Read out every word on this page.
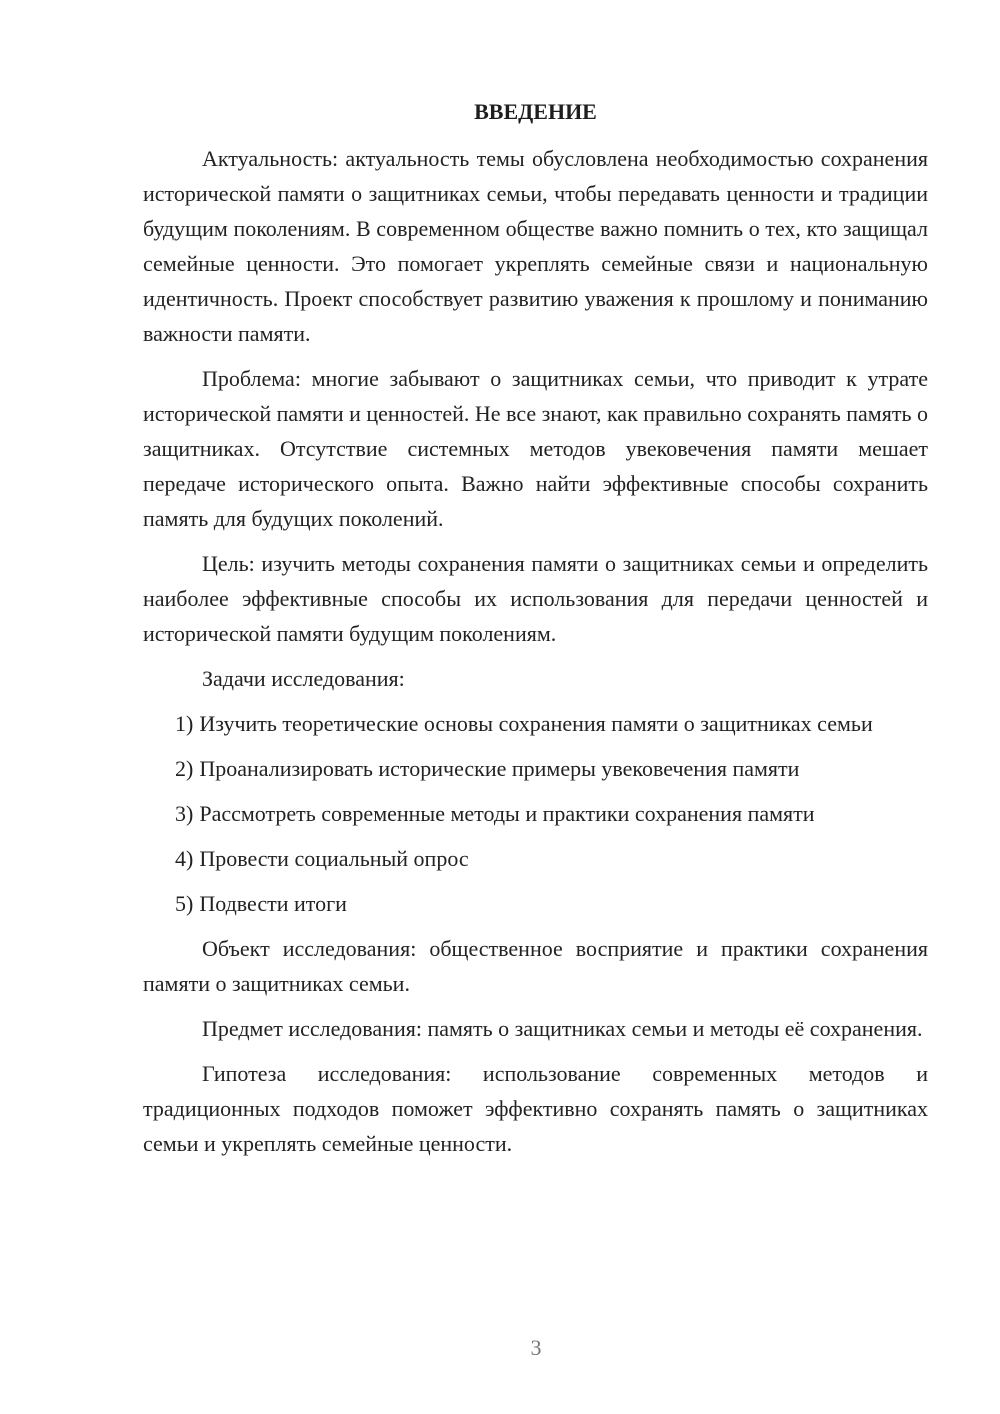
ВВЕДЕНИЕ

Актуальность: актуальность темы обусловлена необходимостью сохранения исторической памяти о защитниках семьи, чтобы передавать ценности и традиции будущим поколениям. В современном обществе важно помнить о тех, кто защищал семейные ценности. Это помогает укреплять семейные связи и национальную идентичность. Проект способствует развитию уважения к прошлому и пониманию важности памяти.

Проблема: многие забывают о защитниках семьи, что приводит к утрате исторической памяти и ценностей. Не все знают, как правильно сохранять память о защитниках. Отсутствие системных методов увековечения памяти мешает передаче исторического опыта. Важно найти эффективные способы сохранить память для будущих поколений.

Цель: изучить методы сохранения памяти о защитниках семьи и определить наиболее эффективные способы их использования для передачи ценностей и исторической памяти будущим поколениям.

Задачи исследования:

1) Изучить теоретические основы сохранения памяти о защитниках семьи
2) Проанализировать исторические примеры увековечения памяти
3) Рассмотреть современные методы и практики сохранения памяти
4) Провести социальный опрос
5) Подвести итоги

Объект исследования: общественное восприятие и практики сохранения памяти о защитниках семьи.

Предмет исследования: память о защитниках семьи и методы её сохранения.

Гипотеза исследования: использование современных методов и традиционных подходов поможет эффективно сохранять память о защитниках семьи и укреплять семейные ценности.

3
